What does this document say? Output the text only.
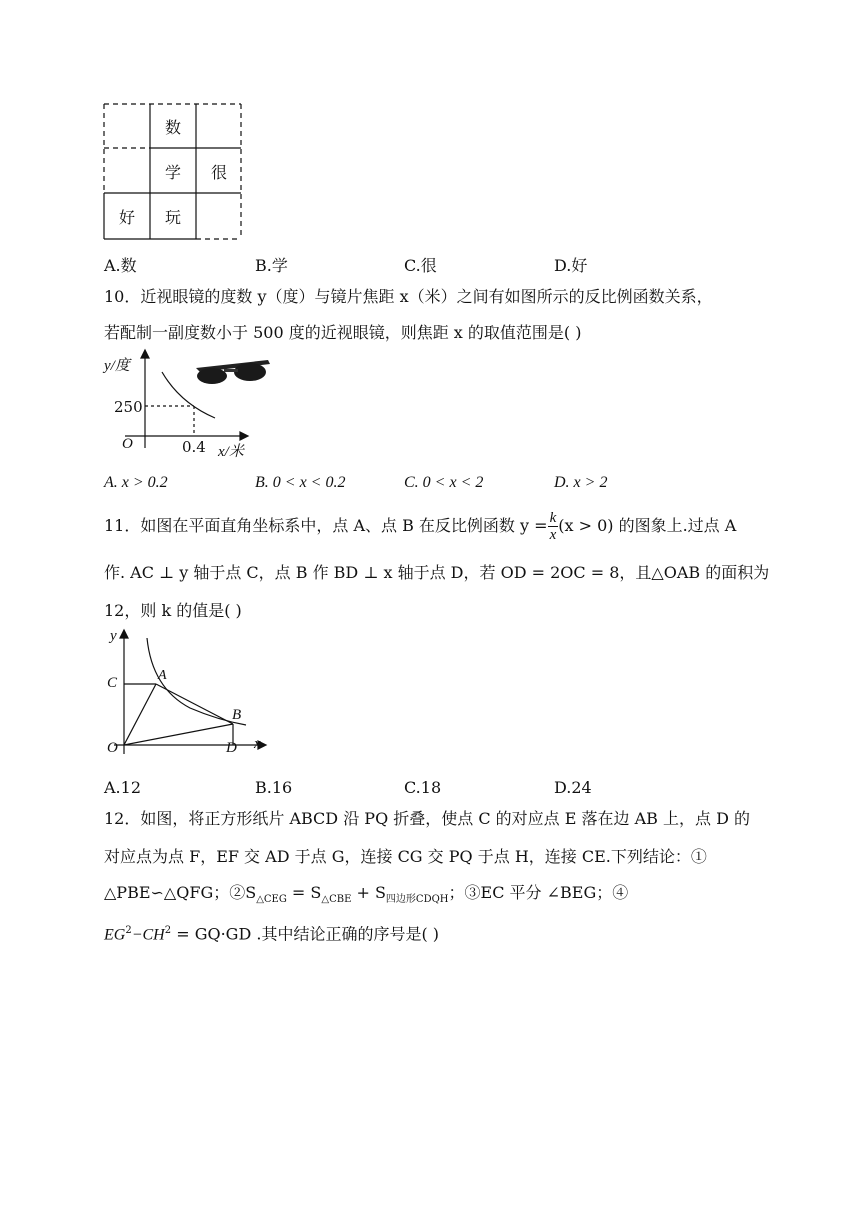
数
学	很
好	玩
A.数	B.学	C.很	D.好
10．近视眼镜的度数 y（度）与镜片焦距 x（米）之间有如图所示的反比例函数关系，
若配制一副度数小于 500 度的近视眼镜，则焦距 x 的取值范围是( )
y/度
250
O	0.4 x/米
A. x > 0.2	B. 0 < x < 0.2	C. 0 < x < 2	D. x > 2
11．如图在平面直角坐标系中，点 A、点 B 在反比例函数 $y = \frac{k}{x} (x > 0)$ 的图象上.过点 A
作. AC ⊥ y 轴于点 C，点 B 作 BD ⊥ x 轴于点 D，若 OD = 2OC = 8，且△OAB 的面积为
12，则 k 的值是( )
y
C	A
B
O	D x
A.12	B.16	C.18	D.24
12．如图，将正方形纸片 ABCD 沿 PQ 折叠，使点 C 的对应点 E 落在边 AB 上，点 D 的
对应点为点 F，EF 交 AD 于点 G，连接 CG 交 PQ 于点 H，连接 CE.下列结论：①
△PBE∽△QFG；$②S_{\triangle CEG} = S_{\triangle CBE} + S_{四边形CDQH}$；③EC 平分 ∠BEG；④
$EG^2-CH^2 = GQ\cdot GD$ .其中结论正确的序号是( )
